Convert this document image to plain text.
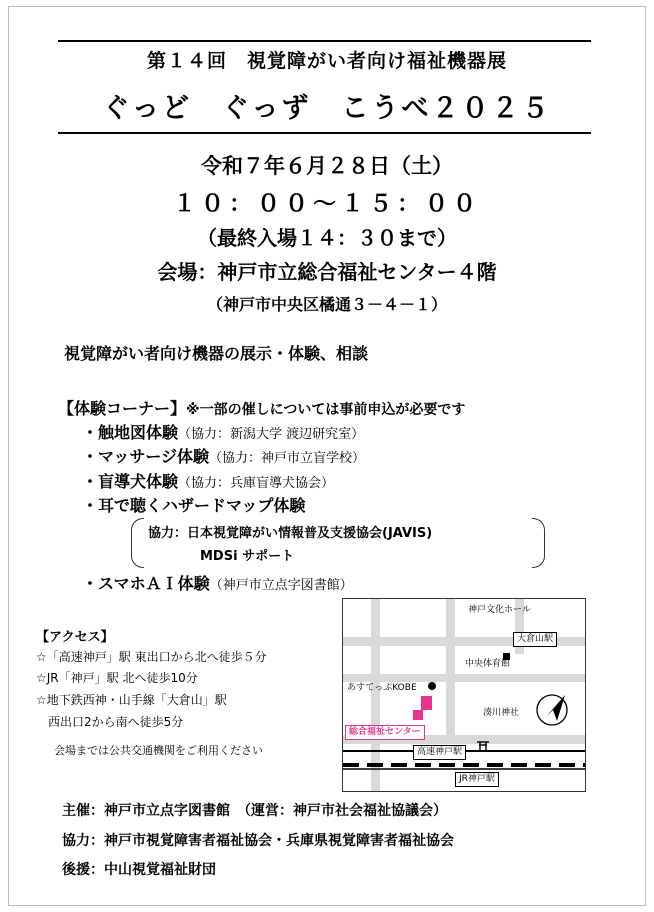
第１４回　視覚障がい者向け福祉機器展
ぐっど　ぐっず　こうべ２０２５
令和７年６月２８日（土）
１０：００～１５：００
（最終入場１４：３０まで）
会場：神戸市立総合福祉センター４階
（神戸市中央区橘通３－４－１）
視覚障がい者向け機器の展示・体験、相談
【体験コーナー】※一部の催しについては事前申込が必要です
・触地図体験（協力：新潟大学 渡辺研究室）
・マッサージ体験（協力：神戸市立盲学校）
・盲導犬体験（協力：兵庫盲導犬協会）
・耳で聴くハザードマップ体験
協力：日本視覚障がい情報普及支援協会(JAVIS)
MDSi サポート
・スマホＡＩ体験（神戸市立点字図書館）
【アクセス】
☆「高速神戸」駅 東出口から北へ徒歩５分
☆JR「神戸」駅 北へ徒歩10分
☆地下鉄西神・山手線「大倉山」駅
　西出口2から南へ徒歩5分
会場までは公共交通機関をご利用ください
神戸文化ホール
大倉山駅
中央体育館
あすてっぷKOBE
湊川神社
総合福祉センター
高速神戸駅
JR神戸駅
主催：神戸市立点字図書館　（運営：神戸市社会福祉協議会）
協力：神戸市視覚障害者福祉協会・兵庫県視覚障害者福祉協会
後援：中山視覚福祉財団
